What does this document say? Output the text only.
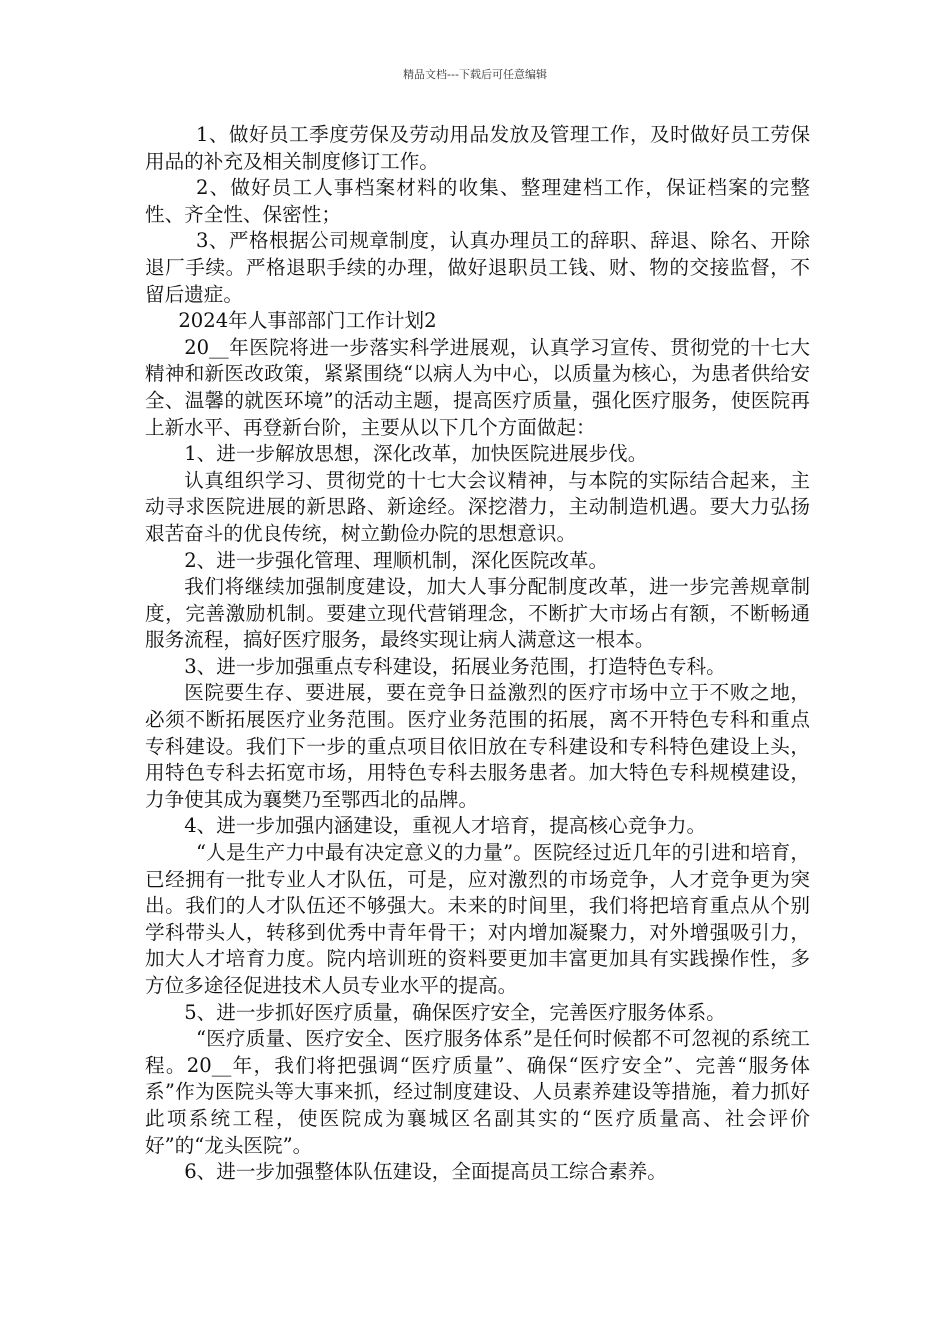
精品文档---下载后可任意编辑

1、做好员工季度劳保及劳动用品发放及管理工作，及时做好员工劳保用品的补充及相关制度修订工作。

2、做好员工人事档案材料的收集、整理建档工作，保证档案的完整性、齐全性、保密性；

3、严格根据公司规章制度，认真办理员工的辞职、辞退、除名、开除退厂手续。严格退职手续的办理，做好退职员工钱、财、物的交接监督，不留后遗症。

2024年人事部部门工作计划2

20__年医院将进一步落实科学进展观，认真学习宣传、贯彻党的十七大精神和新医改政策，紧紧围绕“以病人为中心，以质量为核心，为患者供给安全、温馨的就医环境”的活动主题，提高医疗质量，强化医疗服务，使医院再上新水平、再登新台阶，主要从以下几个方面做起：

1、进一步解放思想，深化改革，加快医院进展步伐。

认真组织学习、贯彻党的十七大会议精神，与本院的实际结合起来，主动寻求医院进展的新思路、新途经。深挖潜力，主动制造机遇。要大力弘扬艰苦奋斗的优良传统，树立勤俭办院的思想意识。

2、进一步强化管理、理顺机制，深化医院改革。

我们将继续加强制度建设，加大人事分配制度改革，进一步完善规章制度，完善激励机制。要建立现代营销理念，不断扩大市场占有额，不断畅通服务流程，搞好医疗服务，最终实现让病人满意这一根本。

3、进一步加强重点专科建设，拓展业务范围，打造特色专科。

医院要生存、要进展，要在竞争日益激烈的医疗市场中立于不败之地，必须不断拓展医疗业务范围。医疗业务范围的拓展，离不开特色专科和重点专科建设。我们下一步的重点项目依旧放在专科建设和专科特色建设上头，用特色专科去拓宽市场，用特色专科去服务患者。加大特色专科规模建设，力争使其成为襄樊乃至鄂西北的品牌。

4、进一步加强内涵建设，重视人才培育，提高核心竞争力。

“人是生产力中最有决定意义的力量”。医院经过近几年的引进和培育，已经拥有一批专业人才队伍，可是，应对激烈的市场竞争，人才竞争更为突出。我们的人才队伍还不够强大。未来的时间里，我们将把培育重点从个别学科带头人，转移到优秀中青年骨干；对内增加凝聚力，对外增强吸引力，加大人才培育力度。院内培训班的资料要更加丰富更加具有实践操作性，多方位多途径促进技术人员专业水平的提高。

5、进一步抓好医疗质量，确保医疗安全，完善医疗服务体系。

“医疗质量、医疗安全、医疗服务体系”是任何时候都不可忽视的系统工程。20__年，我们将把强调“医疗质量”、确保“医疗安全”、完善“服务体系”作为医院头等大事来抓，经过制度建设、人员素养建设等措施，着力抓好此项系统工程，使医院成为襄城区名副其实的“医疗质量高、社会评价好”的“龙头医院”。

6、进一步加强整体队伍建设，全面提高员工综合素养。
